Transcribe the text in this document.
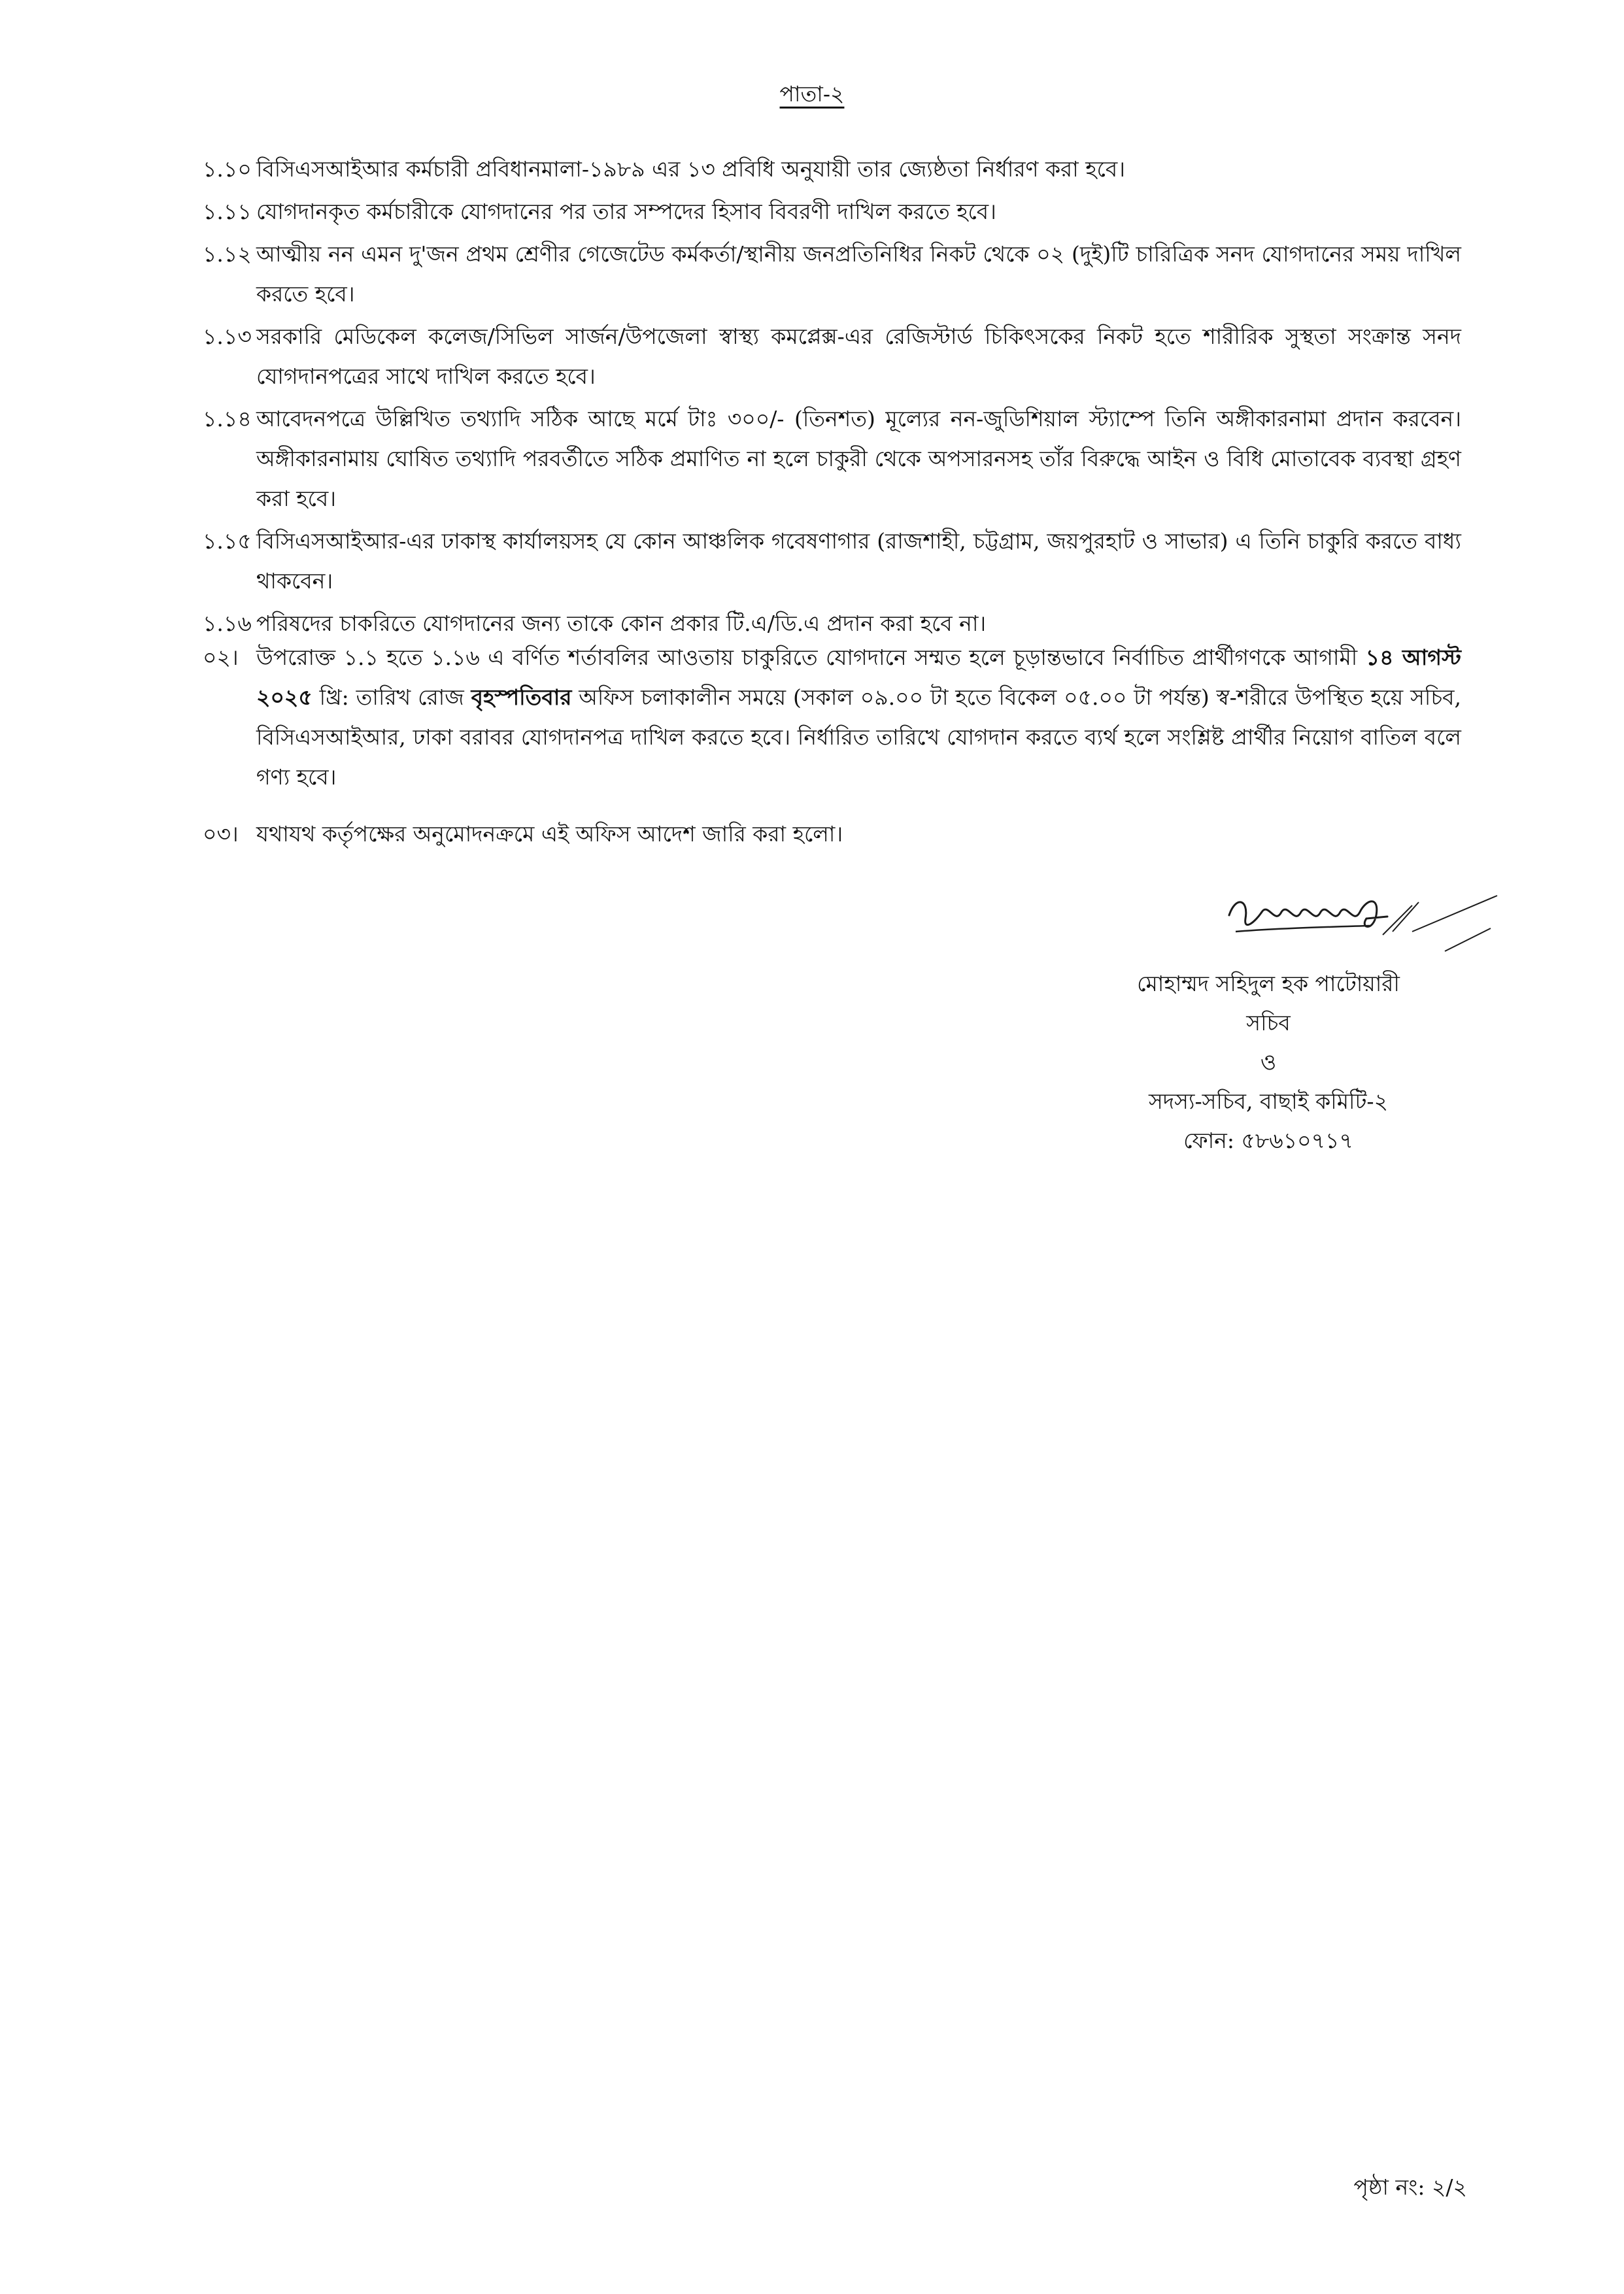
পাতা-২
১.১০ বিসিএসআইআর কর্মচারী প্রবিধানমালা-১৯৮৯ এর ১৩ প্রবিধি অনুযায়ী তার জ্যেষ্ঠতা নির্ধারণ করা হবে।
১.১১ যোগদানকৃত কর্মচারীকে যোগদানের পর তার সম্পদের হিসাব বিবরণী দাখিল করতে হবে।
১.১২ আত্মীয় নন এমন দু'জন প্রথম শ্রেণীর গেজেটেড কর্মকর্তা/স্থানীয় জনপ্রতিনিধির নিকট থেকে ০২ (দুই)টি চারিত্রিক সনদ যোগদানের সময় দাখিল করতে হবে।
১.১৩ সরকারি মেডিকেল কলেজ/সিভিল সার্জন/উপজেলা স্বাস্থ্য কমপ্লেক্স-এর রেজিস্টার্ড চিকিৎসকের নিকট হতে শারীরিক সুস্থতা সংক্রান্ত সনদ যোগদানপত্রের সাথে দাখিল করতে হবে।
১.১৪ আবেদনপত্রে উল্লিখিত তথ্যাদি সঠিক আছে মর্মে টাঃ ৩০০/- (তিনশত) মূল্যের নন-জুডিশিয়াল স্ট্যাম্পে তিনি অঙ্গীকারনামা প্রদান করবেন। অঙ্গীকারনামায় ঘোষিত তথ্যাদি পরবর্তীতে সঠিক প্রমাণিত না হলে চাকুরী থেকে অপসারনসহ তাঁর বিরুদ্ধে আইন ও বিধি মোতাবেক ব্যবস্থা গ্রহণ করা হবে।
১.১৫ বিসিএসআইআর-এর ঢাকাস্থ কার্যালয়সহ যে কোন আঞ্চলিক গবেষণাগার (রাজশাহী, চট্টগ্রাম, জয়পুরহাট ও সাভার) এ তিনি চাকুরি করতে বাধ্য থাকবেন।
১.১৬ পরিষদের চাকরিতে যোগদানের জন্য তাকে কোন প্রকার টি.এ/ডি.এ প্রদান করা হবে না।
০২। উপরোক্ত ১.১ হতে ১.১৬ এ বর্ণিত শর্তাবলির আওতায় চাকুরিতে যোগদানে সম্মত হলে চূড়ান্তভাবে নির্বাচিত প্রার্থীগণকে আগামী ১৪ আগস্ট ২০২৫ খ্রি: তারিখ রোজ বৃহস্পতিবার অফিস চলাকালীন সময়ে (সকাল ০৯.০০ টা হতে বিকেল ০৫.০০ টা পর্যন্ত) স্ব-শরীরে উপস্থিত হয়ে সচিব, বিসিএসআইআর, ঢাকা বরাবর যোগদানপত্র দাখিল করতে হবে। নির্ধারিত তারিখে যোগদান করতে ব্যর্থ হলে সংশ্লিষ্ট প্রার্থীর নিয়োগ বাতিল বলে গণ্য হবে।
০৩। যথাযথ কর্তৃপক্ষের অনুমোদনক্রমে এই অফিস আদেশ জারি করা হলো।
মোহাম্মদ সহিদুল হক পাটোয়ারী
সচিব
ও
সদস্য-সচিব, বাছাই কমিটি-২
ফোন: ৫৮৬১০৭১৭
পৃষ্ঠা নং: ২/২
